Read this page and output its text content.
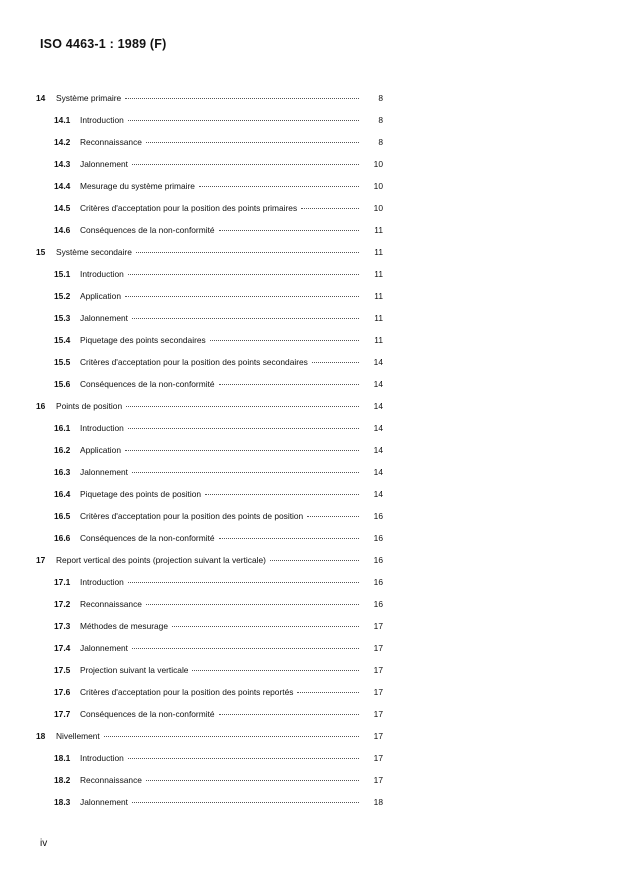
ISO 4463-1 : 1989 (F)
14	Système primaire	8
14.1	Introduction	8
14.2	Reconnaissance	8
14.3	Jalonnement	10
14.4	Mesurage du système primaire	10
14.5	Critères d'acceptation pour la position des points primaires	10
14.6	Conséquences de la non-conformité	11
15	Système secondaire	11
15.1	Introduction	11
15.2	Application	11
15.3	Jalonnement	11
15.4	Piquetage des points secondaires	11
15.5	Critères d'acceptation pour la position des points secondaires	14
15.6	Conséquences de la non-conformité	14
16	Points de position	14
16.1	Introduction	14
16.2	Application	14
16.3	Jalonnement	14
16.4	Piquetage des points de position	14
16.5	Critères d'acceptation pour la position des points de position	16
16.6	Conséquences de la non-conformité	16
17	Report vertical des points (projection suivant la verticale)	16
17.1	Introduction	16
17.2	Reconnaissance	16
17.3	Méthodes de mesurage	17
17.4	Jalonnement	17
17.5	Projection suivant la verticale	17
17.6	Critères d'acceptation pour la position des points reportés	17
17.7	Conséquences de la non-conformité	17
18	Nivellement	17
18.1	Introduction	17
18.2	Reconnaissance	17
18.3	Jalonnement	18
iv
